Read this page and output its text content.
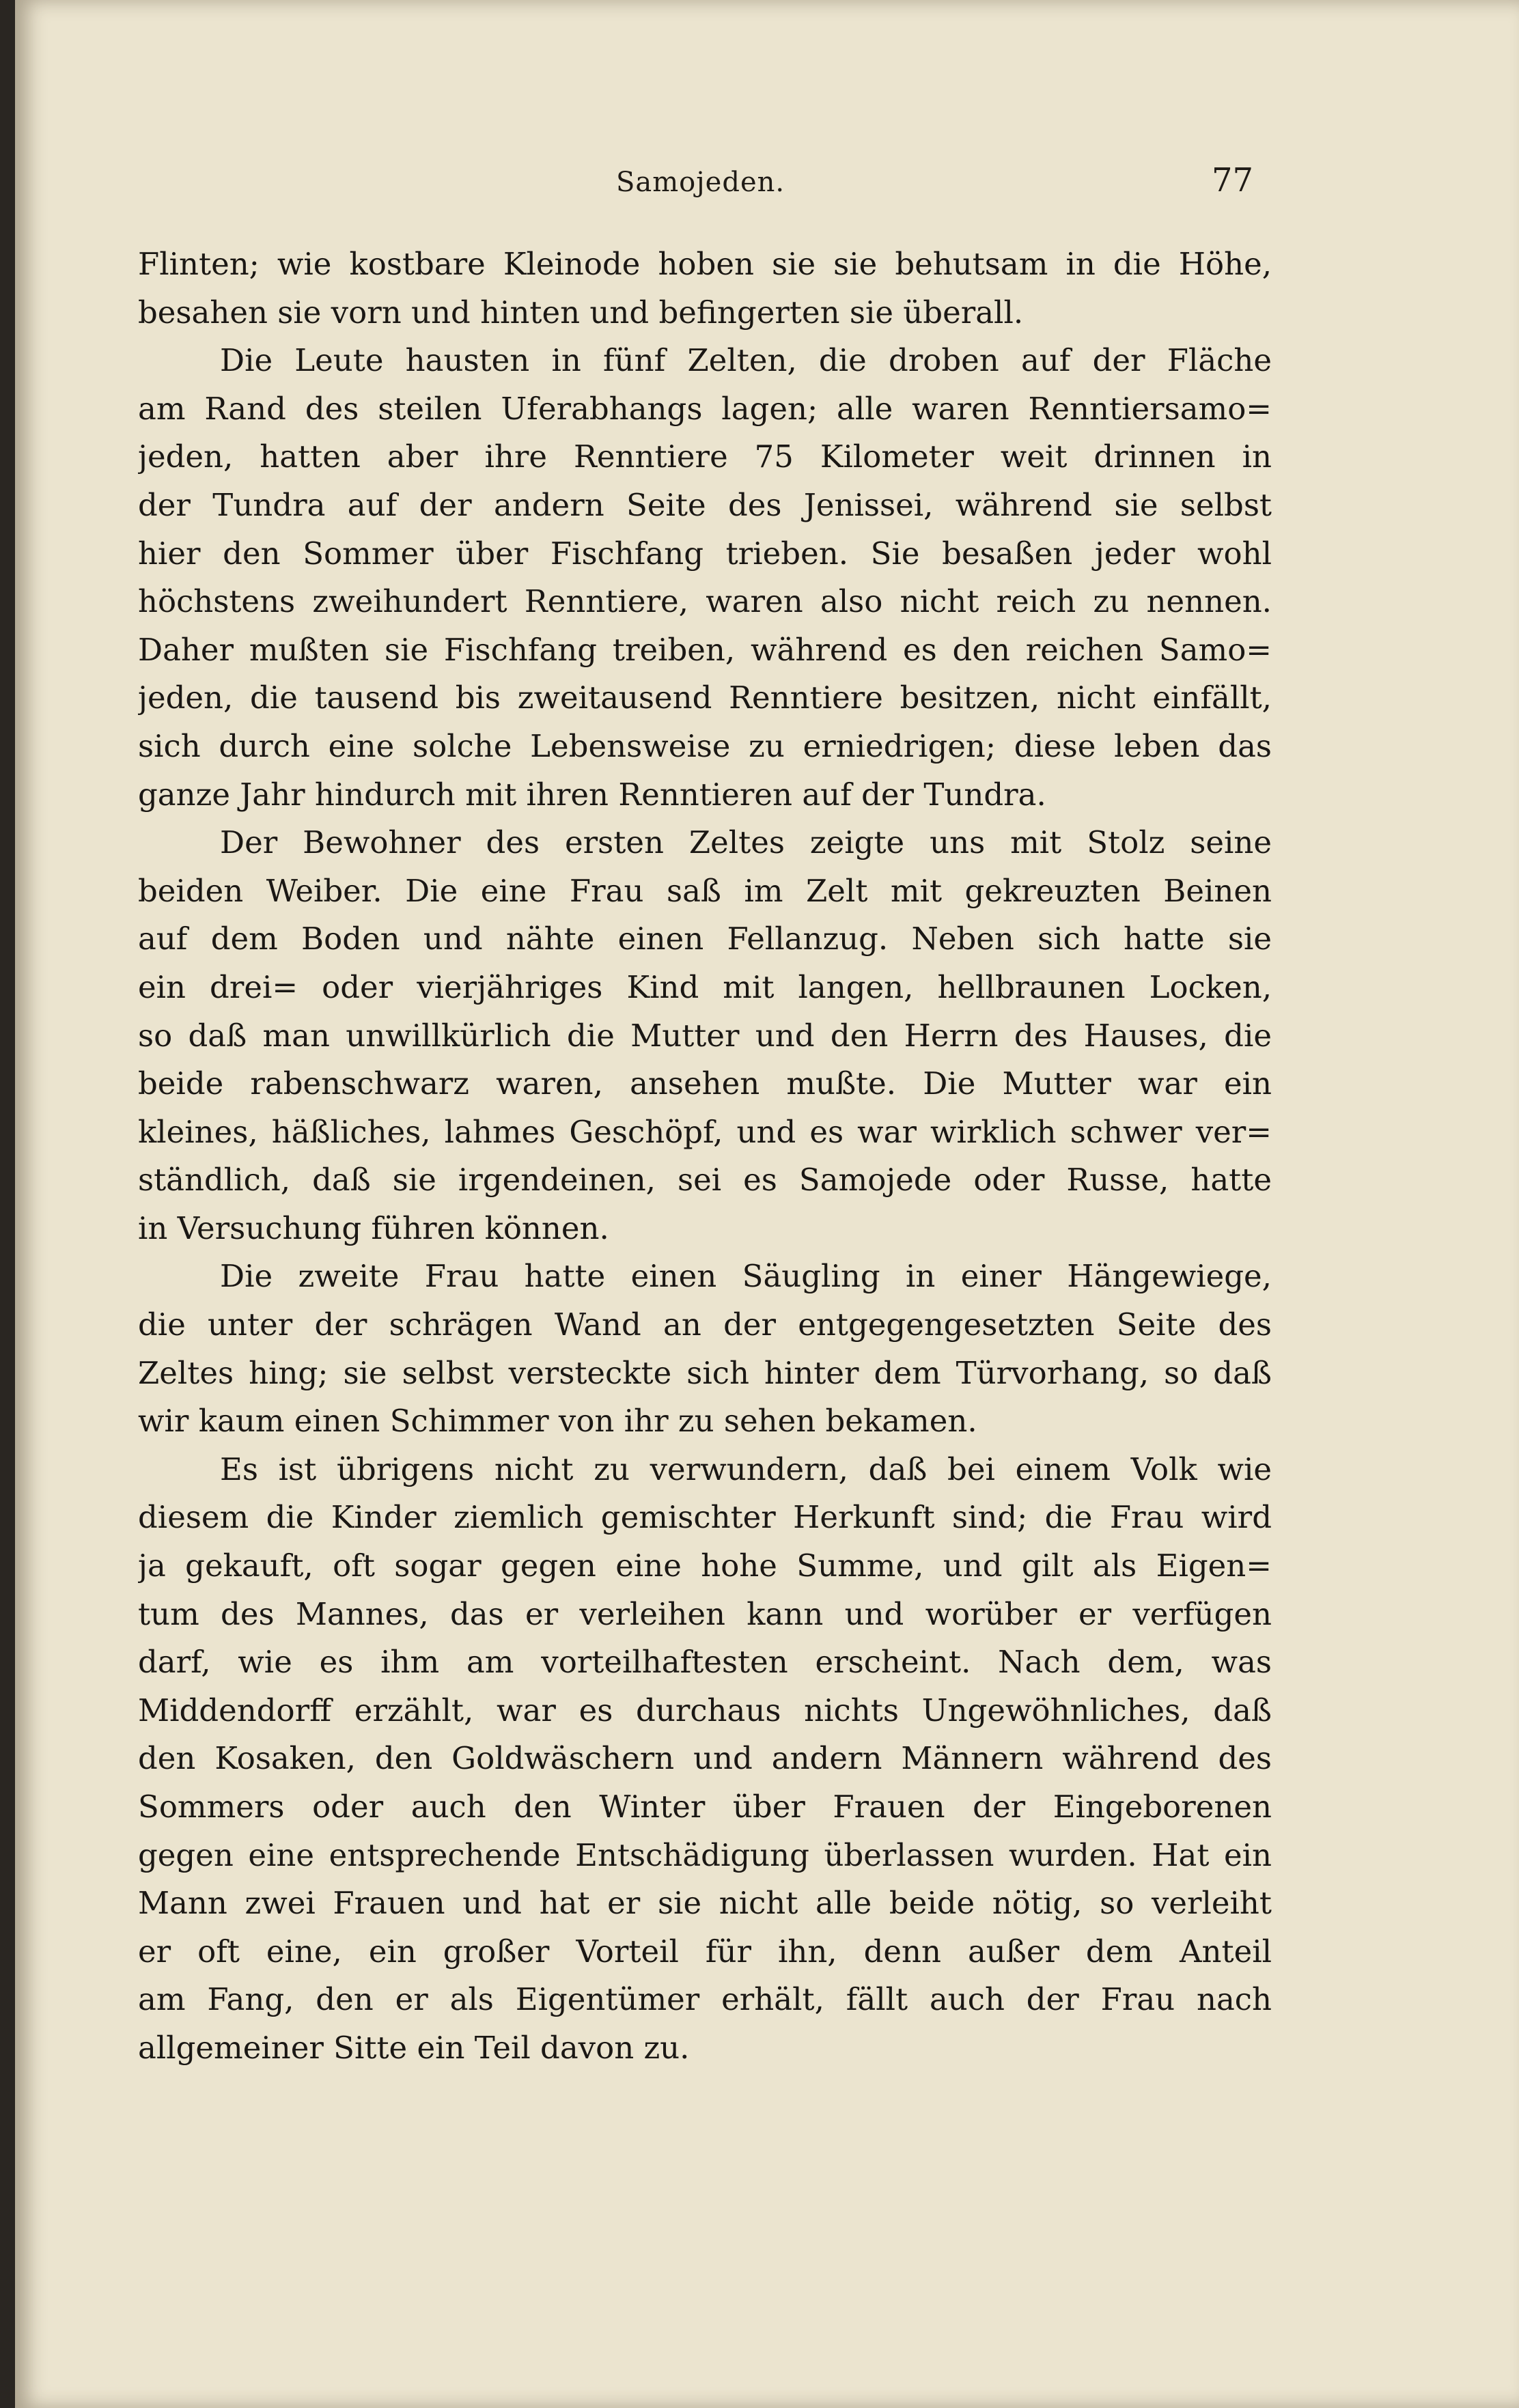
Samojeden.	77
Flinten; wie kostbare Kleinode hoben sie sie behutsam in die Höhe,
besahen sie vorn und hinten und befingerten sie überall.
Die Leute hausten in fünf Zelten, die droben auf der Fläche
am Rand des steilen Uferabhangs lagen; alle waren Renntiersamo=
jeden, hatten aber ihre Renntiere 75 Kilometer weit drinnen in
der Tundra auf der andern Seite des Jenissei, während sie selbst
hier den Sommer über Fischfang trieben. Sie besaßen jeder wohl
höchstens zweihundert Renntiere, waren also nicht reich zu nennen.
Daher mußten sie Fischfang treiben, während es den reichen Samo=
jeden, die tausend bis zweitausend Renntiere besitzen, nicht einfällt,
sich durch eine solche Lebensweise zu erniedrigen; diese leben das
ganze Jahr hindurch mit ihren Renntieren auf der Tundra.
Der Bewohner des ersten Zeltes zeigte uns mit Stolz seine
beiden Weiber. Die eine Frau saß im Zelt mit gekreuzten Beinen
auf dem Boden und nähte einen Fellanzug. Neben sich hatte sie
ein drei= oder vierjähriges Kind mit langen, hellbraunen Locken,
so daß man unwillkürlich die Mutter und den Herrn des Hauses, die
beide rabenschwarz waren, ansehen mußte. Die Mutter war ein
kleines, häßliches, lahmes Geschöpf, und es war wirklich schwer ver=
ständlich, daß sie irgendeinen, sei es Samojede oder Russe, hatte
in Versuchung führen können.
Die zweite Frau hatte einen Säugling in einer Hängewiege,
die unter der schrägen Wand an der entgegengesetzten Seite des
Zeltes hing; sie selbst versteckte sich hinter dem Türvorhang, so daß
wir kaum einen Schimmer von ihr zu sehen bekamen.
Es ist übrigens nicht zu verwundern, daß bei einem Volk wie
diesem die Kinder ziemlich gemischter Herkunft sind; die Frau wird
ja gekauft, oft sogar gegen eine hohe Summe, und gilt als Eigen=
tum des Mannes, das er verleihen kann und worüber er verfügen
darf, wie es ihm am vorteilhaftesten erscheint. Nach dem, was
Middendorff erzählt, war es durchaus nichts Ungewöhnliches, daß
den Kosaken, den Goldwäschern und andern Männern während des
Sommers oder auch den Winter über Frauen der Eingeborenen
gegen eine entsprechende Entschädigung überlassen wurden. Hat ein
Mann zwei Frauen und hat er sie nicht alle beide nötig, so verleiht
er oft eine, ein großer Vorteil für ihn, denn außer dem Anteil
am Fang, den er als Eigentümer erhält, fällt auch der Frau nach
allgemeiner Sitte ein Teil davon zu.
